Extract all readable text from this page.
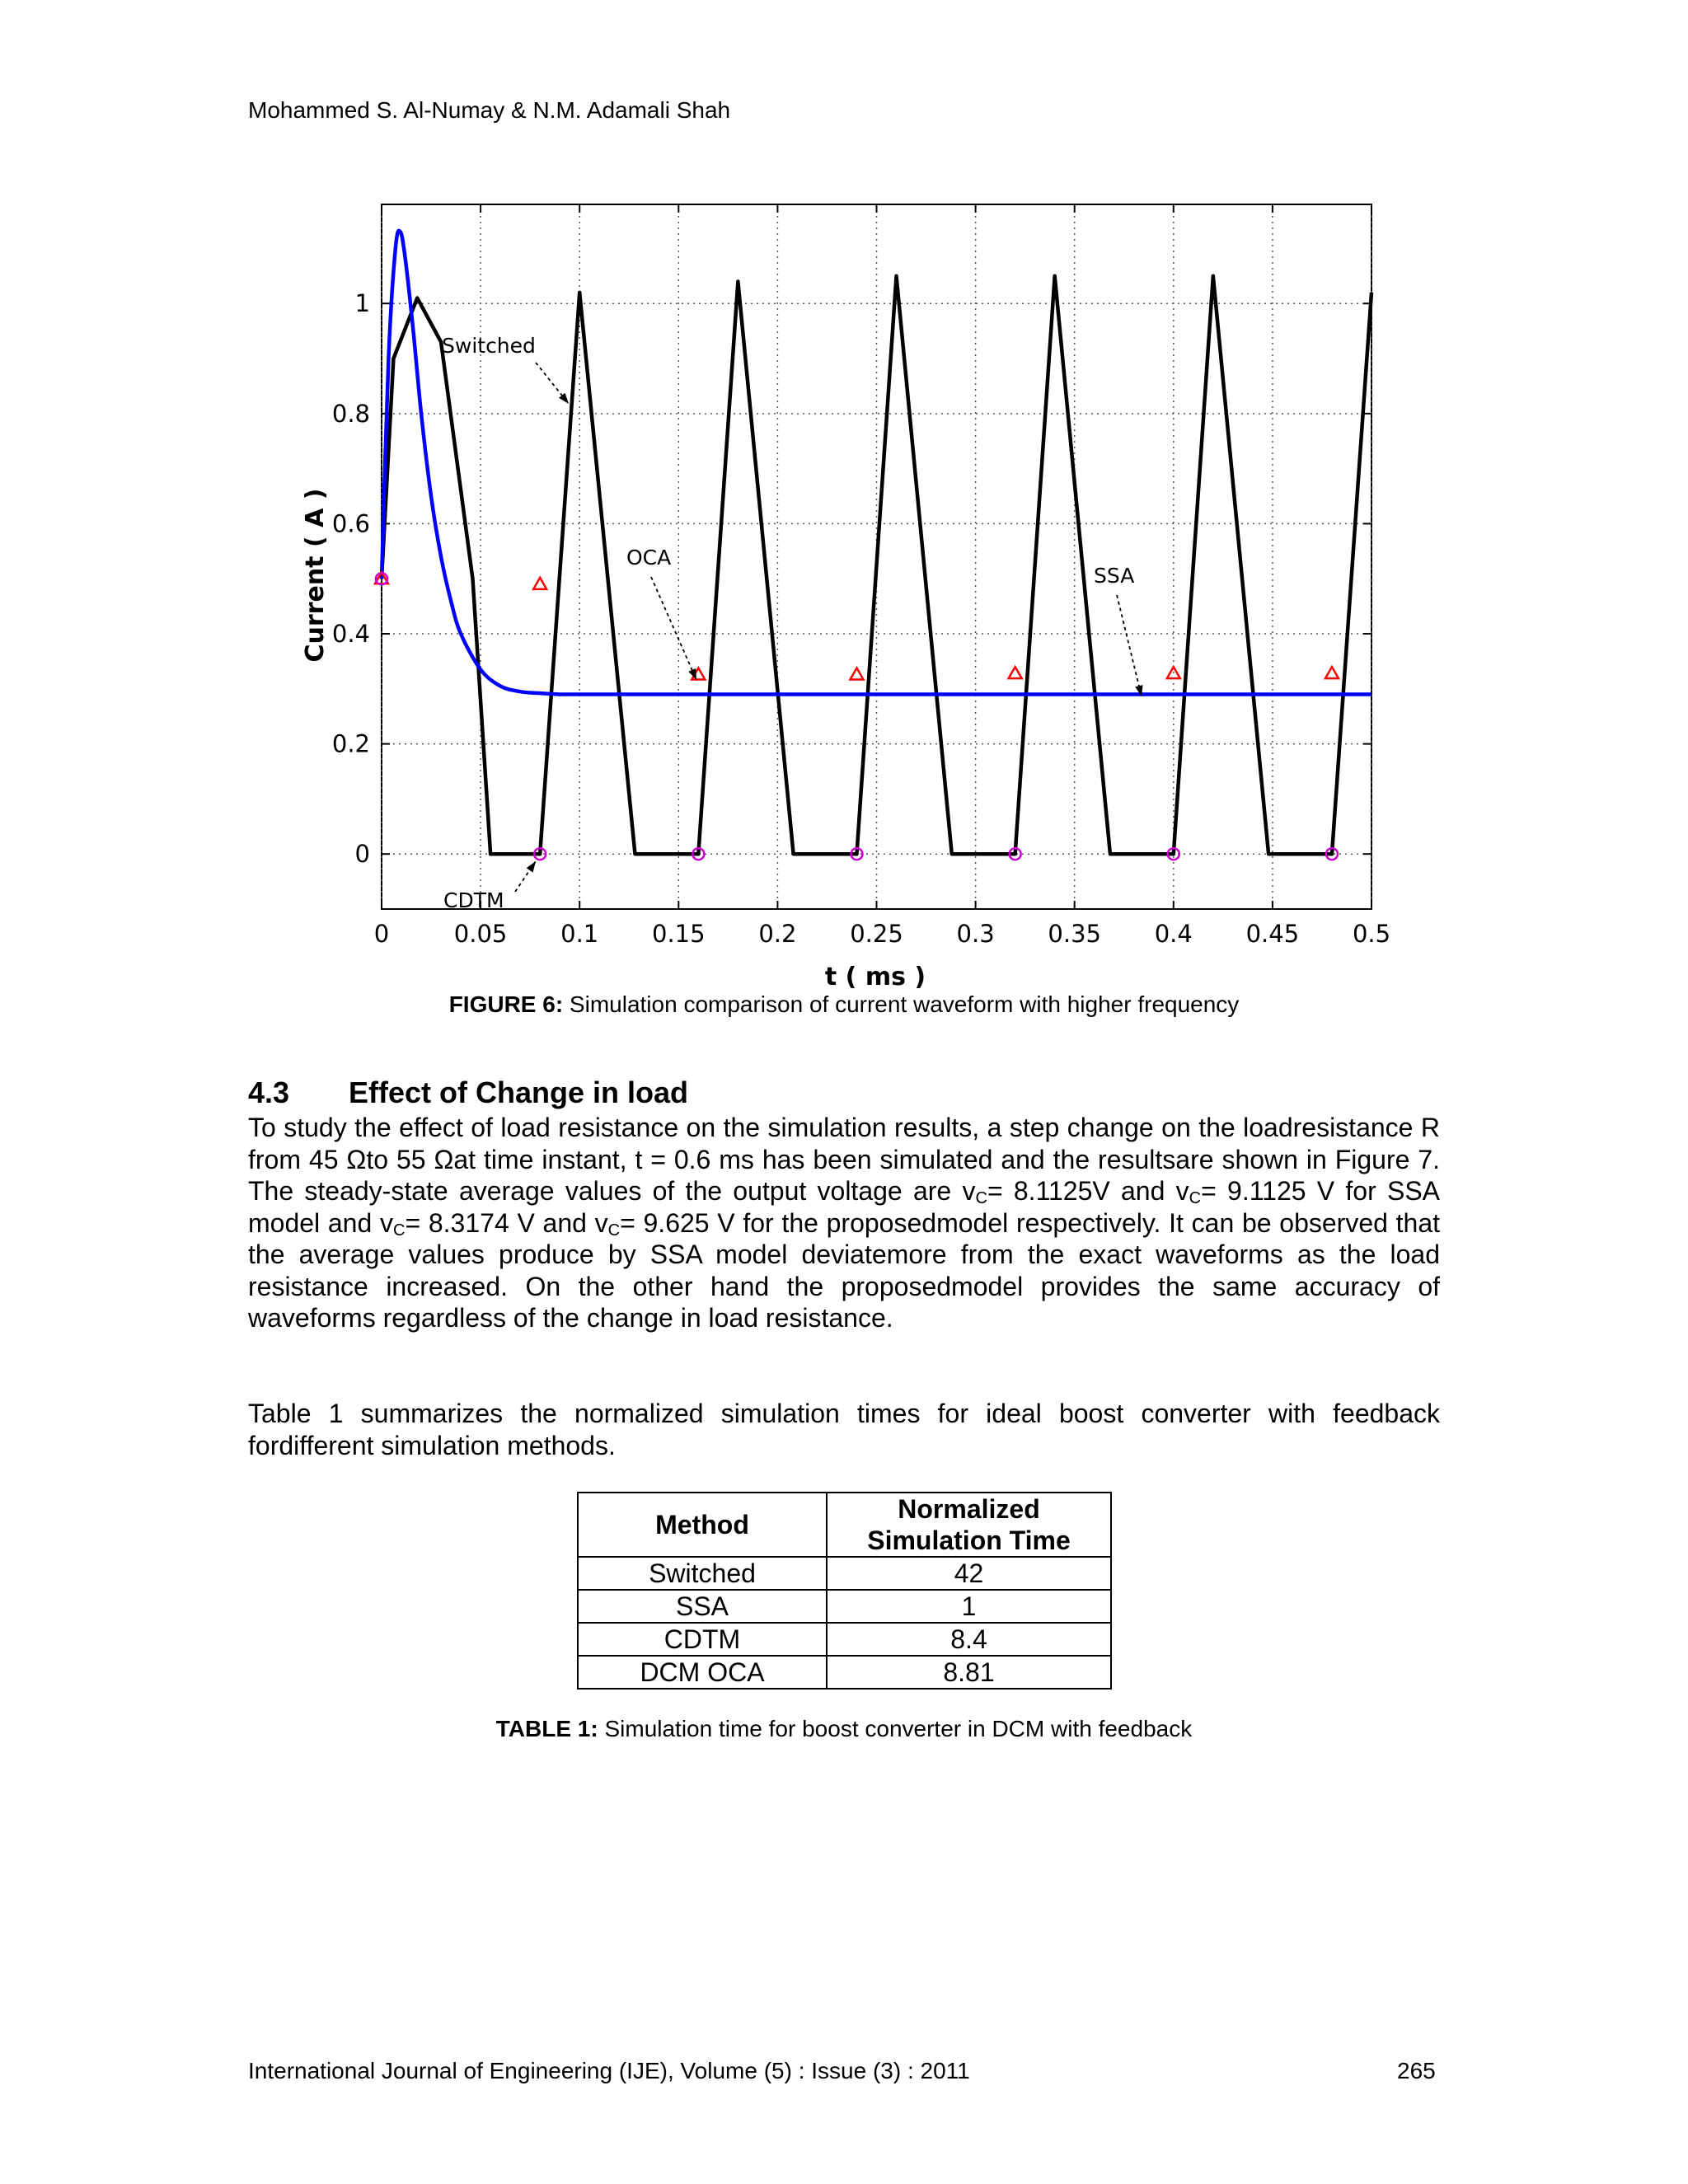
Mohammed S. Al-Numay & N.M. Adamali Shah
0	0.05 0.1 0.15 0.2 0.25 0.3 0.35 0.4 0.45 0.5
0
0.2
0.4
0.6
0.8
1
Switched
OCA
SSA
CDTM
t ( ms )
Current ( A )
FIGURE 6: Simulation comparison of current waveform with higher frequency
4.3 Effect of Change in load
To study the effect of load resistance on the simulation results, a step change on the loadresistance R from 45 Ωto 55 Ωat time instant, t = 0.6 ms has been simulated and the resultsare shown in Figure 7. The steady-state average values of the output voltage are $v_C= 8.1125V$ and $v_C= 9.1125$ V for SSA model and $v_C= 8.3174$ V and $v_C= 9.625$ V for the proposedmodel respectively. It can be observed that the average values produce by SSA model deviatemore from the exact waveforms as the load resistance increased. On the other hand the proposedmodel provides the same accuracy of waveforms regardless of the change in load resistance.
Table 1 summarizes the normalized simulation times for ideal boost converter with feedback fordifferent simulation methods.
Method	Normalized Simulation Time
Switched	42
SSA	1
CDTM	8.4
DCM OCA	8.81
TABLE 1: Simulation time for boost converter in DCM with feedback
International Journal of Engineering (IJE), Volume (5) : Issue (3) : 2011	265
